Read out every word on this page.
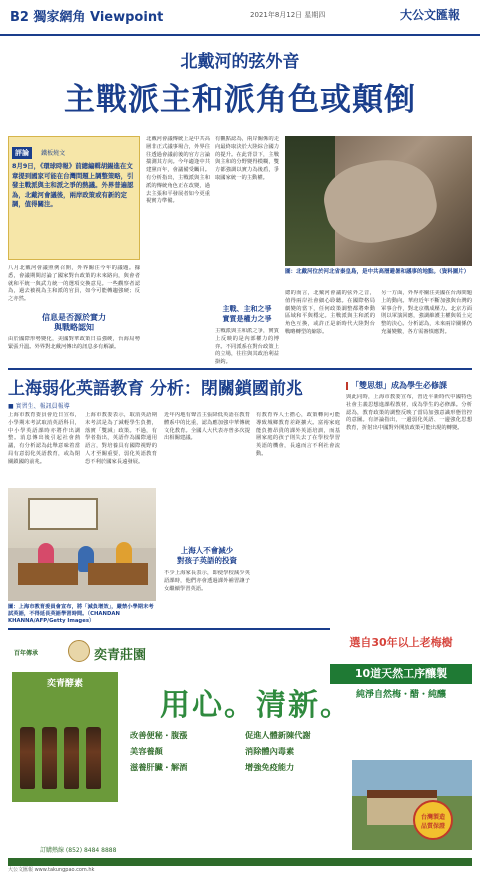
B2 獨家網角 Viewpoint	2021年8月12日 星期四	大公文匯報
北戴河的弦外音
主戰派主和派角色或顛倒
評論 鐵板燒文
8月9日，《環球時報》前總編輯胡錫進在文章提到國家可能在台灣問題上調整策略，引發主戰派與主和派之爭的熱議。外界普遍認為，北戴河會議後，兩岸政策或有新的定調，值得關注。
八月北戴河會議照例召開，外界關注今年的議題。據悉，會議期間討論了國家對台政策的未來路向，與會者就和平統一與武力統一的選項交換意見。一些觀察者認為，過去被視為主和派的官員，如今可能轉趨強硬；反之亦然。
信息是否源於實力
與戰略認知
由於國際形勢變化，美國對華政策日益強硬，台海局勢緊張升溫。外界對北戴河傳出的訊息多有解讀。
北戴河會議傳統上是中共高層非正式議事場合，外界往往透過會議前後的官方言論揣測其方向。今年適逢中共建黨百年，會議備受矚目。有分析指出，主戰派與主和派的傳統角色正在改變，過去主張和平發展者如今更重視實力準備。
有觀點認為，兩岸關係的走向最終取決於大陸綜合國力的提升。在此背景下，主戰與主和的分野變得模糊，雙方都強調以實力為後盾，爭取國家統一的主動權。
主戰、主和之爭
實質是權力之爭
主戰派與主和派之爭，實質上反映的是內部權力的博弈。不同派系在對台政策上的立場，往往與其政治利益掛鈎。
圖：北戴河位於河北省秦皇島，是中共高層避暑和議事的地點。（資料圖片）
總的而言，北戴河會議的弦外之音，值得兩岸社會細心聆聽。在國際格局劇變的當下，任何政策調整都將牽動區域和平與穩定。主戰派與主和派的角色互換，或許正是新時代大陸對台戰略轉型的縮影。
另一方面，外界亦關注美國在台海問題上的動向。華府近年不斷加強與台灣的軍事合作，對北京構成壓力。北京方面則以軍演回應，強調維護主權與領土完整的決心。分析認為，未來兩岸關係仍充滿變數，各方需審慎應對。
上海弱化英語教育 分析：閉關鎖國前兆
■ 實習生、報訊員報導
上海市教育委員會近日宣布，小學期末考試取消英語科目，中小學英語課時亦將作出調整。消息傳出後引起社會熱議，有分析認為此舉意味着當局有意弱化英語教育，或為閉關鎖國的前兆。
上海市教委表示，取消英語期末考試是為了減輕學生負擔，落實「雙減」政策。不過，有學者指出，英語作為國際通用語言，對培養具有國際視野的人才至關重要，弱化英語教育恐不利於國家長遠發展。
圖：上海市教育委員會宣布，將「減負增效」，嚴禁小學期末考試英語，不得延長英語學習時間。（CHANDAN KHANNA/AFP/Getty Images）
近年內地有聲音主張降低英語在教育體系中的比重，認為應加強中華傳統文化教育。全國人大代表亦曾多次提出相關建議。
上海人不會減少
對孩子英語的投資
不少上海家長表示，即使學校減少英語課時，他們亦會透過課外補習讓子女繼續學習英語。
有教育界人士擔心，政策轉向可能導致城鄉教育差距擴大。富裕家庭能負擔昂貴的課外英語培訓，而基層家庭的孩子則失去了在學校學習英語的機會，長遠而言不利社會流動。
「雙思想」成為學生必修課
與此同時，上海市教委宣布，習近平新時代中國特色社會主義思想進課程教材，成為學生的必修課。分析認為，教育政策的調整反映了當局加強意識形態管控的意圖。有評論指出，一邊弱化英語、一邊強化思想教育，折射出中國對外開放政策可能出現的轉變。
百年傳承	奕青莊園
奕青酵素
用心。清新。
選自30年以上老梅樹
10道天然工序釀製
純淨自然梅・醋・純釀
改善便秘・腹漲
美容養顏
滋養肝臟・解酒
促進人體新陳代謝
消除體內毒素
增強免疫能力
台灣製造
品質保證
訂購熱線 (852) 8484 8888
大公文匯報 www.takungpao.com.hk
